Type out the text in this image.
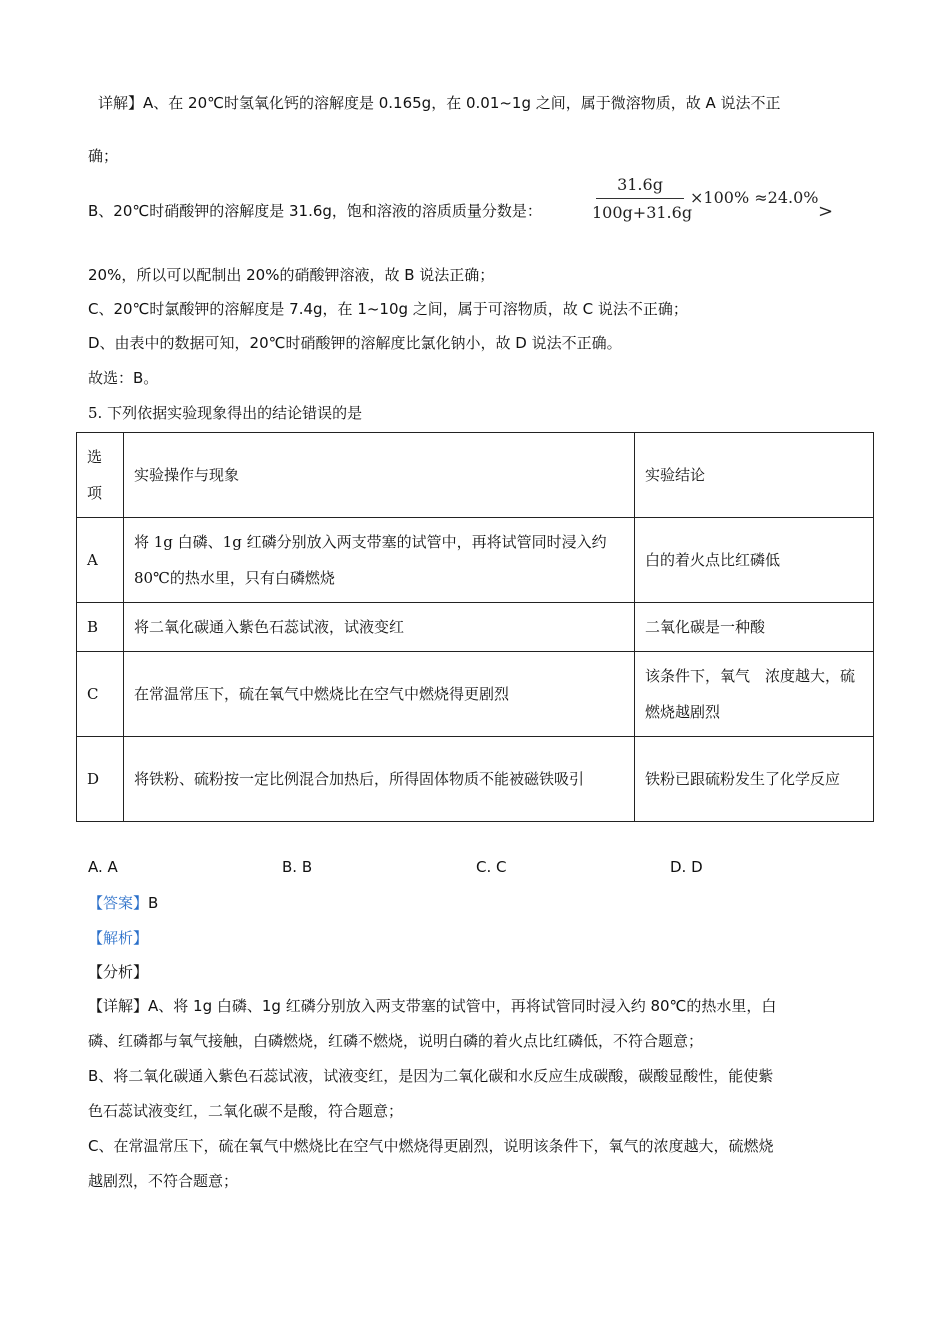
详解】A、在 20℃时氢氧化钙的溶解度是 0.165g，在 0.01~1g 之间，属于微溶物质，故 A 说法不正
确；
B、20℃时硝酸钾的溶解度是 31.6g，饱和溶液的溶质质量分数是：
31.6g
100g+31.6g
×100% ≈24.0%
>
20%，所以可以配制出 20%的硝酸钾溶液，故 B 说法正确；
C、20℃时氯酸钾的溶解度是 7.4g，在 1~10g 之间，属于可溶物质，故 C 说法不正确；
D、由表中的数据可知，20℃时硝酸钾的溶解度比氯化钠小，故 D 说法不正确。
故选：B。
5. 下列依据实验现象得出的结论错误的是
选
项	实验操作与现象	实验结论
A	将 1g 白磷、1g 红磷分别放入两支带塞的试管中，再将试管同时浸入约 80℃的热水里，只有白磷燃烧	白的着火点比红磷低
B	将二氧化碳通入紫色石蕊试液，试液变红	二氧化碳是一种酸
C	在常温常压下，硫在氧气中燃烧比在空气中燃烧得更剧烈	该条件下，氧气　浓度越大，硫燃烧越剧烈
D	将铁粉、硫粉按一定比例混合加热后，所得固体物质不能被磁铁吸引	铁粉已跟硫粉发生了化学反应
A. A	B. B	C. C	D. D
【答案】B
【解析】
【分析】
【详解】A、将 1g 白磷、1g 红磷分别放入两支带塞的试管中，再将试管同时浸入约 80℃的热水里，白
磷、红磷都与氧气接触，白磷燃烧，红磷不燃烧，说明白磷的着火点比红磷低，不符合题意；
B、将二氧化碳通入紫色石蕊试液，试液变红，是因为二氧化碳和水反应生成碳酸，碳酸显酸性，能使紫
色石蕊试液变红，二氧化碳不是酸，符合题意；
C、在常温常压下，硫在氧气中燃烧比在空气中燃烧得更剧烈，说明该条件下，氧气的浓度越大，硫燃烧
越剧烈，不符合题意；
